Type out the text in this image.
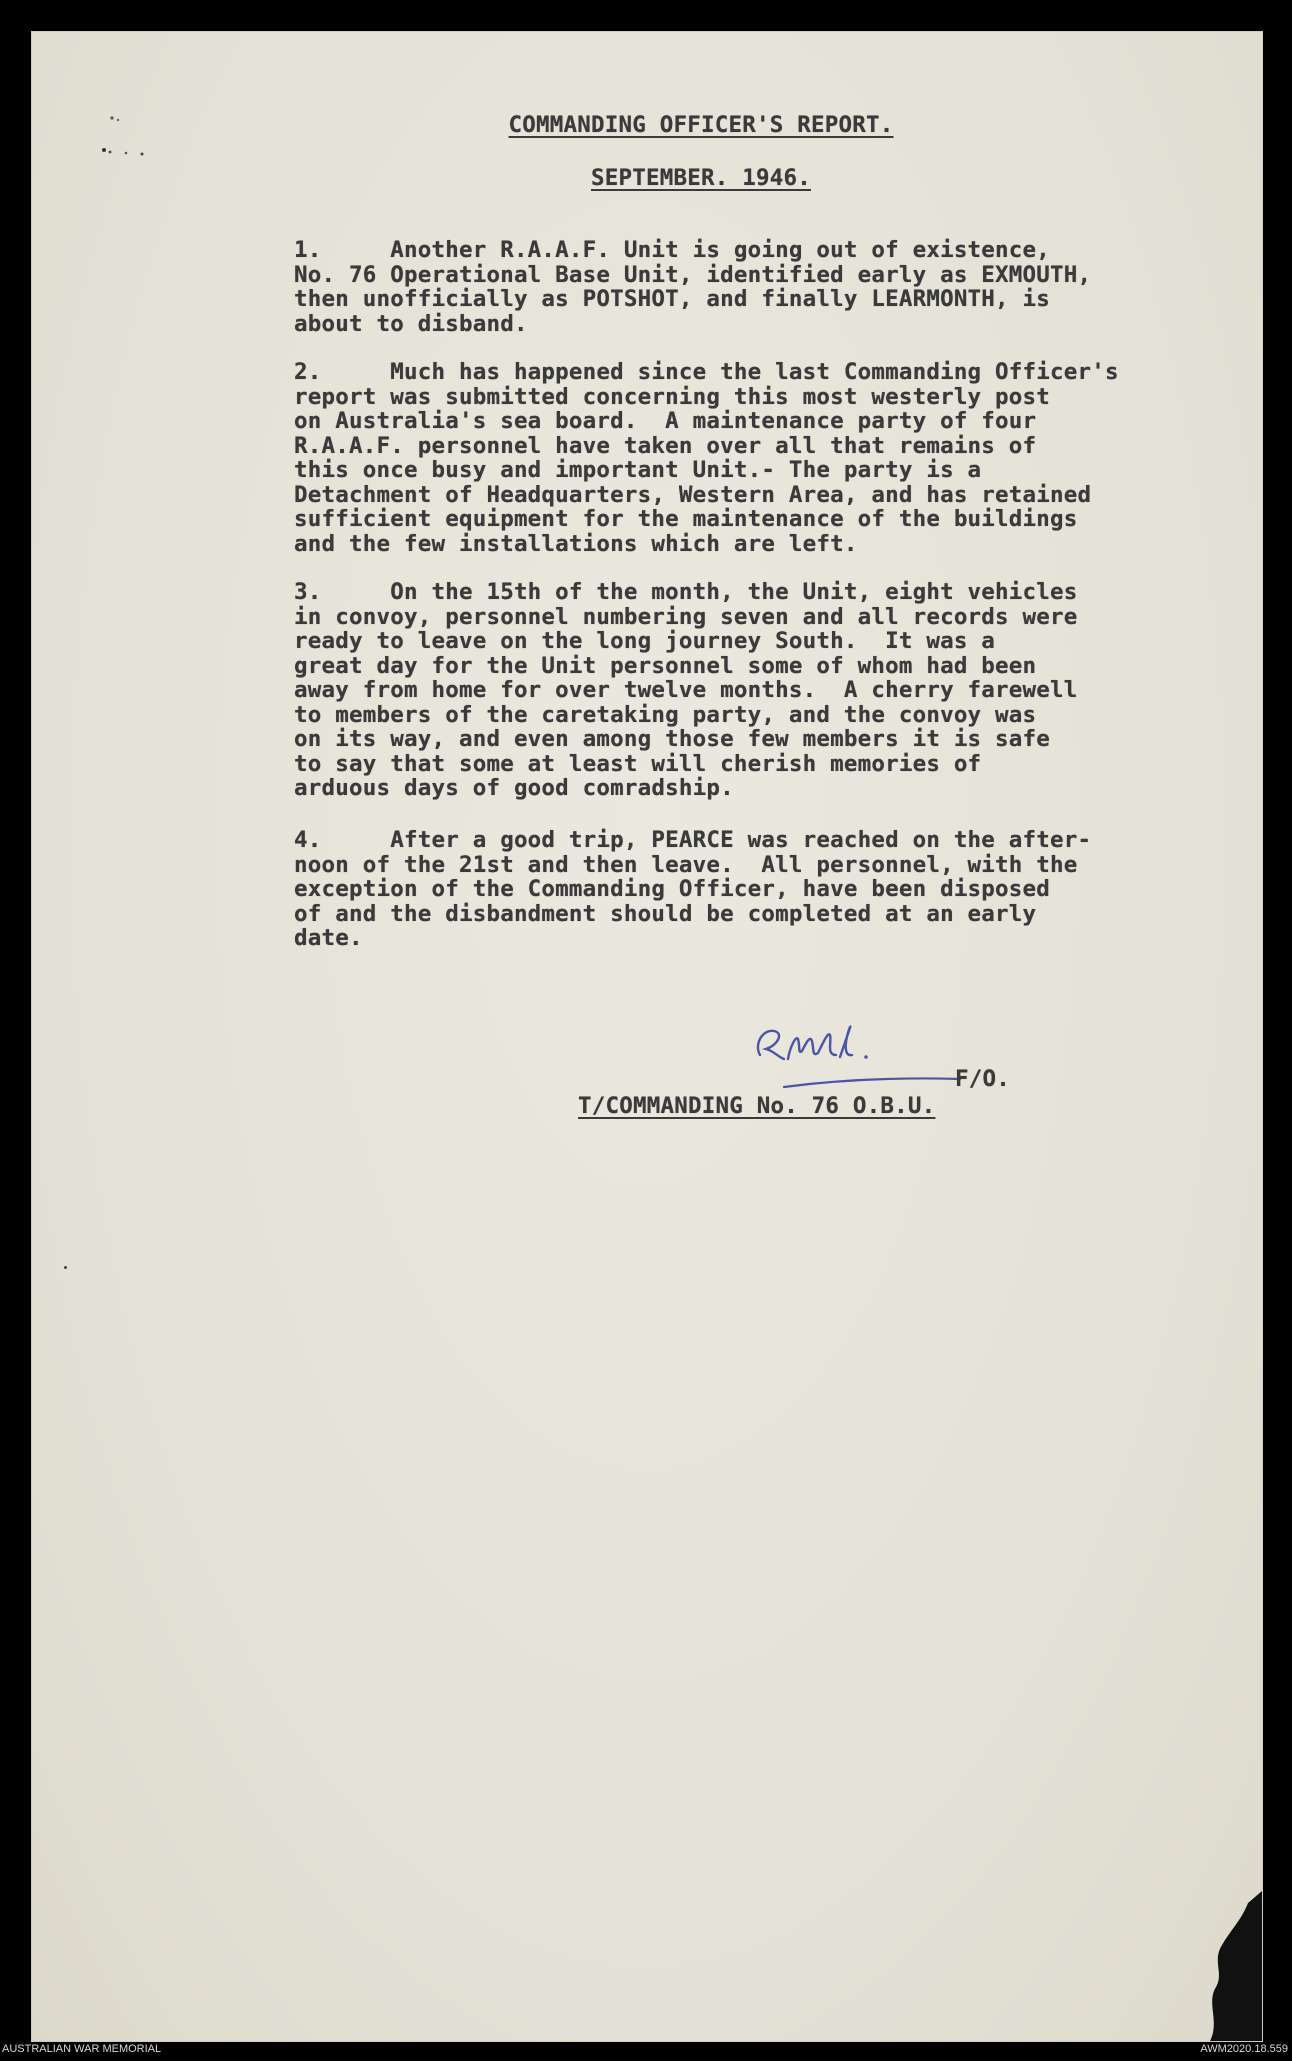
COMMANDING OFFICER'S REPORT.
SEPTEMBER. 1946.
1.     Another R.A.A.F. Unit is going out of existence,
No. 76 Operational Base Unit, identified early as EXMOUTH,
then unofficially as POTSHOT, and finally LEARMONTH, is
about to disband.
2.     Much has happened since the last Commanding Officer's
report was submitted concerning this most westerly post
on Australia's sea board.  A maintenance party of four
R.A.A.F. personnel have taken over all that remains of
this once busy and important Unit.- The party is a
Detachment of Headquarters, Western Area, and has retained
sufficient equipment for the maintenance of the buildings
and the few installations which are left.
3.     On the 15th of the month, the Unit, eight vehicles
in convoy, personnel numbering seven and all records were
ready to leave on the long journey South.  It was a
great day for the Unit personnel some of whom had been
away from home for over twelve months.  A cherry farewell
to members of the caretaking party, and the convoy was
on its way, and even among those few members it is safe
to say that some at least will cherish memories of
arduous days of good comradship.
4.     After a good trip, PEARCE was reached on the after-
noon of the 21st and then leave.  All personnel, with the
exception of the Commanding Officer, have been disposed
of and the disbandment should be completed at an early
date.
F/O.
T/COMMANDING No. 76 O.B.U.
AUSTRALIAN WAR MEMORIAL	AWM2020.18.559
